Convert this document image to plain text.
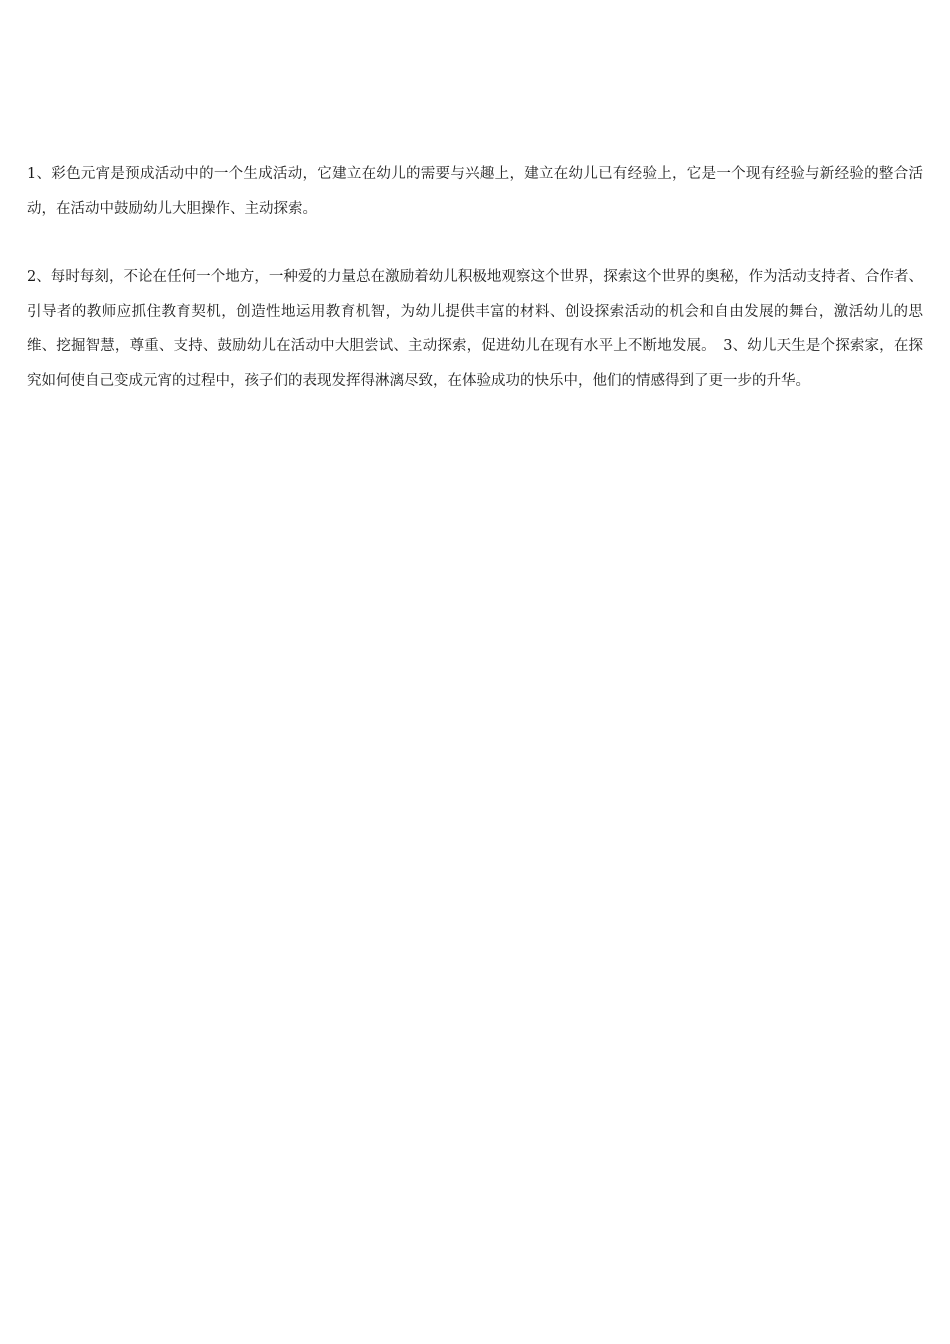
1、彩色元宵是预成活动中的一个生成活动，它建立在幼儿的需要与兴趣上，建立在幼儿已有经验上，它是一个现有经验与新经验的整合活动，在活动中鼓励幼儿大胆操作、主动探索。

2、每时每刻，不论在任何一个地方，一种爱的力量总在激励着幼儿积极地观察这个世界，探索这个世界的奥秘，作为活动支持者、合作者、引导者的教师应抓住教育契机，创造性地运用教育机智，为幼儿提供丰富的材料、创设探索活动的机会和自由发展的舞台，激活幼儿的思维、挖掘智慧，尊重、支持、鼓励幼儿在活动中大胆尝试、主动探索，促进幼儿在现有水平上不断地发展。　3、幼儿天生是个探索家，在探究如何使自己变成元宵的过程中，孩子们的表现发挥得淋漓尽致，在体验成功的快乐中，他们的情感得到了更一步的升华。
